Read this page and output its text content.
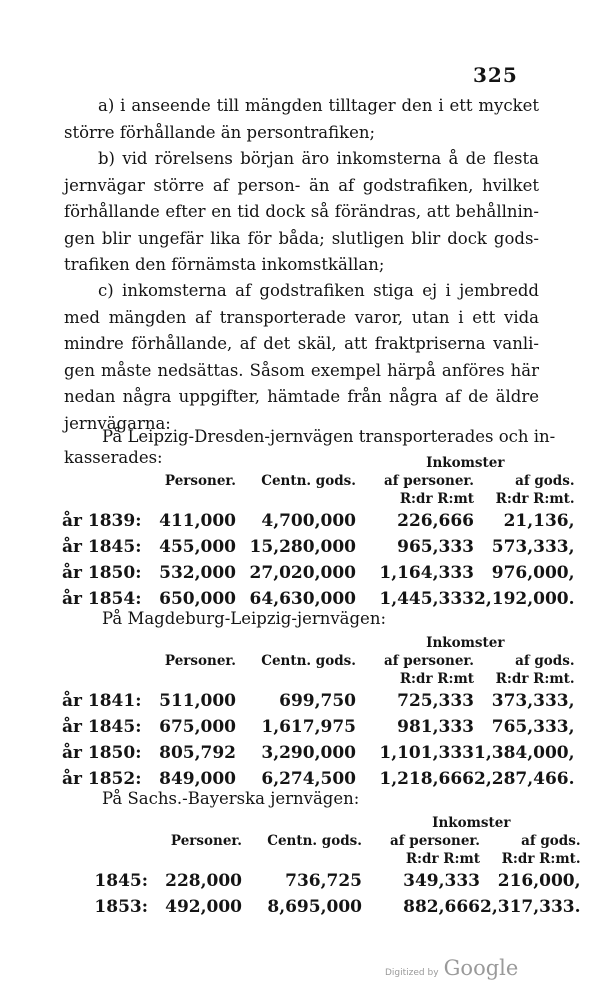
325
a) i anseende till mängden tilltager den i ett mycket
större förhållande än persontrafiken;
b) vid rörelsens början äro inkomsterna å de flesta
jernvägar större af person- än af godstrafiken, hvilket
förhållande efter en tid dock så förändras, att behållnin-
gen blir ungefär lika för båda; slutligen blir dock gods-
trafiken den förnämsta inkomstkällan;
c) inkomsterna af godstrafiken stiga ej i jembredd
med mängden af transporterade varor, utan i ett vida
mindre förhållande, af det skäl, att fraktpriserna vanli-
gen måste nedsättas. Såsom exempel härpå anföres här
nedan några uppgifter, hämtade från några af de äldre
jernvägarna:
På Leipzig-Dresden-jernvägen transporterades och in-
kasserades:
				Inkomster	
	Personer.	Centn. gods.	af personer.	af gods.
			R:dr R:mt	R:dr R:mt.
år 1839:	411,000	4,700,000	226,666	21,136,
år 1845:	455,000	15,280,000	965,333	573,333,
år 1850:	532,000	27,020,000	1,164,333	976,000,
år 1854:	650,000	64,630,000	1,445,333	2,192,000.
På Magdeburg-Leipzig-jernvägen:
			Inkomster	
	Personer.	Centn. gods.	af personer.	af gods.
			R:dr R:mt	R:dr R:mt.
år 1841:	511,000	699,750	725,333	373,333,
år 1845:	675,000	1,617,975	981,333	765,333,
år 1850:	805,792	3,290,000	1,101,333	1,384,000,
år 1852:	849,000	6,274,500	1,218,666	2,287,466.
På Sachs.-Bayerska jernvägen:
			Inkomster	
	Personer.	Centn. gods.	af personer.	af gods.
			R:dr R:mt	R:dr R:mt.
1845:	228,000	736,725	349,333	216,000,
1853:	492,000	8,695,000	882,666	2,317,333.
Digitized by Google
